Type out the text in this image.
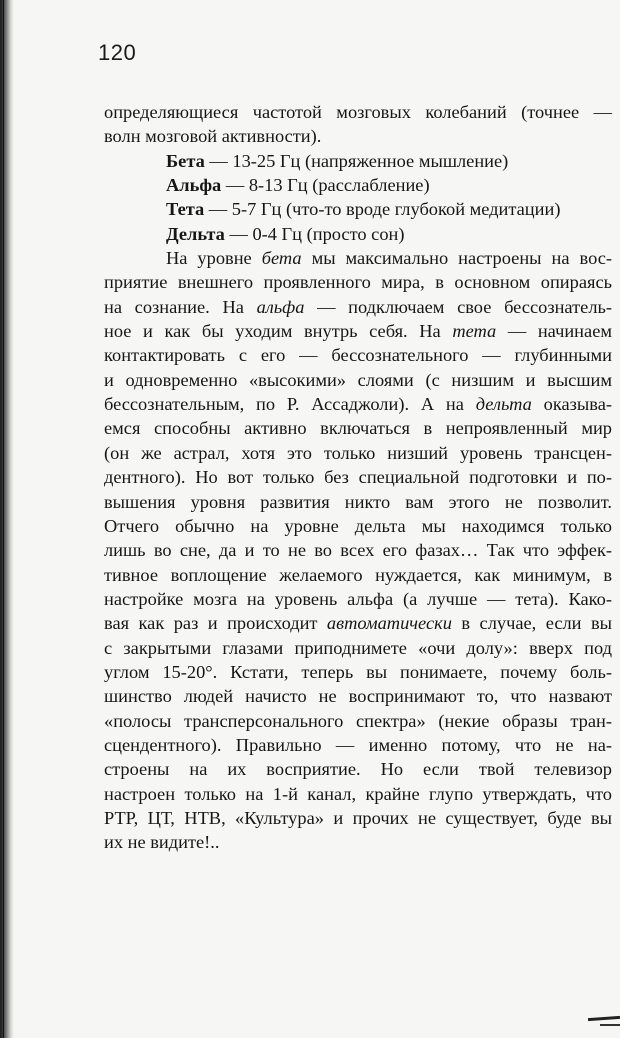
120
определяющиеся частотой мозговых колебаний (точнее —
волн мозговой активности).
Бета — 13-25 Гц (напряженное мышление)
Альфа — 8-13 Гц (расслабление)
Тета — 5-7 Гц (что-то вроде глубокой медитации)
Дельта — 0-4 Гц (просто сон)
На уровне бета мы максимально настроены на вос-
приятие внешнего проявленного мира, в основном опираясь
на сознание. На альфа — подключаем свое бессознатель-
ное и как бы уходим внутрь себя. На тета — начинаем
контактировать с его — бессознательного — глубинными
и одновременно «высокими» слоями (с низшим и высшим
бессознательным, по Р. Ассаджоли). А на дельта оказыва-
емся способны активно включаться в непроявленный мир
(он же астрал, хотя это только низший уровень трансцен-
дентного). Но вот только без специальной подготовки и по-
вышения уровня развития никто вам этого не позволит.
Отчего обычно на уровне дельта мы находимся только
лишь во сне, да и то не во всех его фазах… Так что эффек-
тивное воплощение желаемого нуждается, как минимум, в
настройке мозга на уровень альфа (а лучше — тета). Како-
вая как раз и происходит автоматически в случае, если вы
с закрытыми глазами приподнимете «очи долу»: вверх под
углом 15-20°. Кстати, теперь вы понимаете, почему боль-
шинство людей начисто не воспринимают то, что назвают
«полосы трансперсонального спектра» (некие образы тран-
сцендентного). Правильно — именно потому, что не на-
строены на их восприятие. Но если твой телевизор
настроен только на 1-й канал, крайне глупо утверждать, что
РТР, ЦТ, НТВ, «Культура» и прочих не существует, буде вы
их не видите!..
